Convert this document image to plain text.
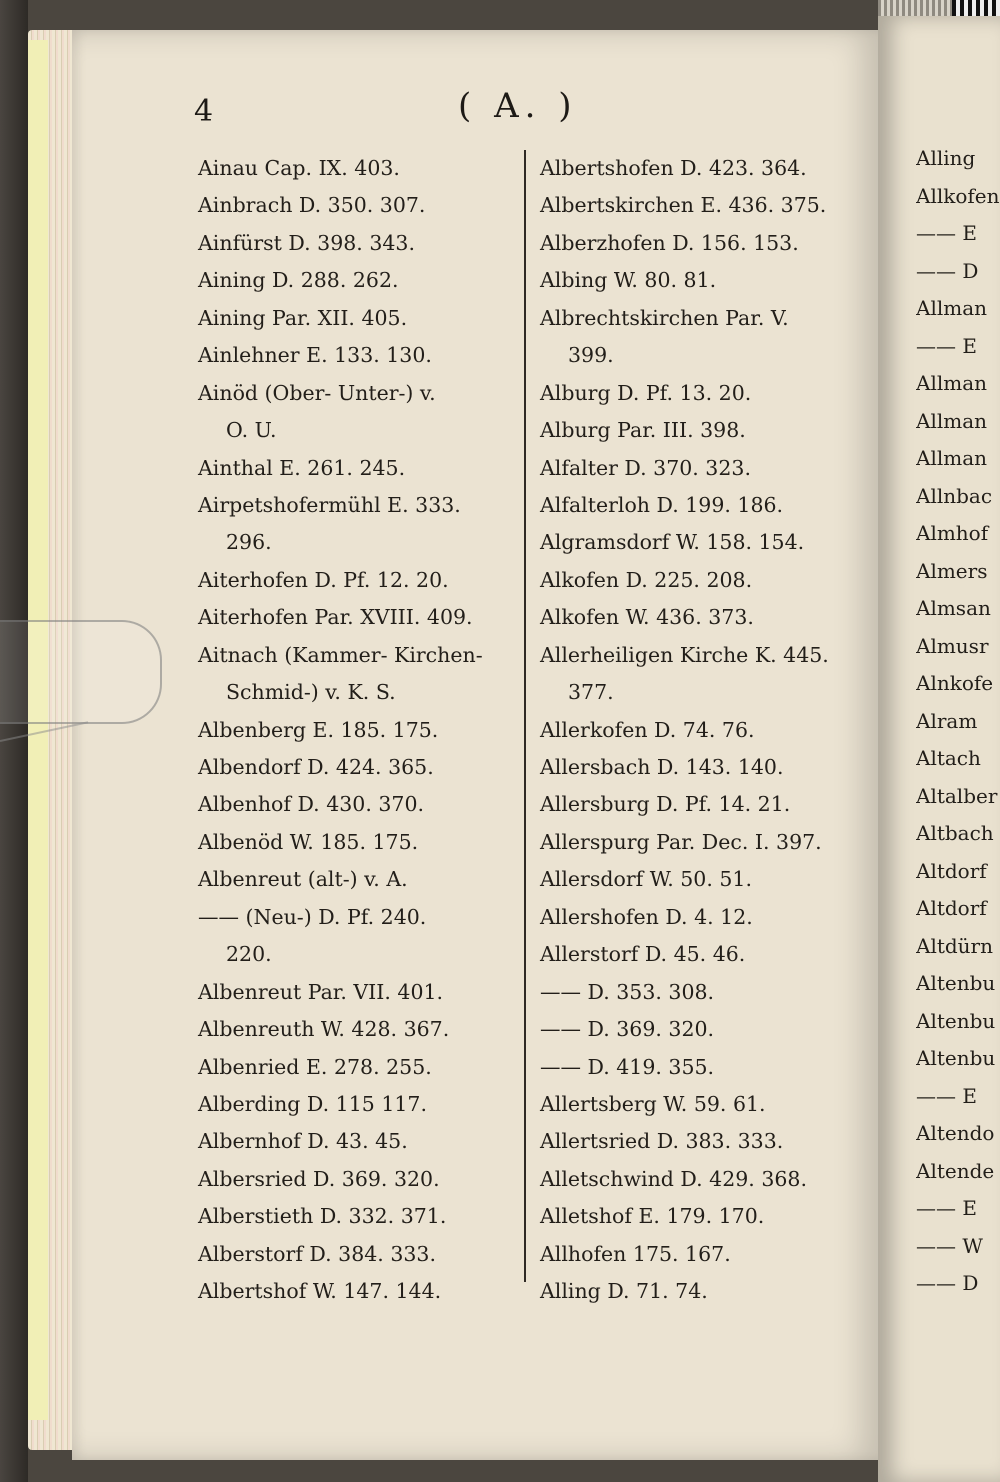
4	( A. )
Ainau Cap. IX. 403.
Ainbrach D. 350. 307.
Ainfürst D. 398. 343.
Aining D. 288. 262.
Aining Par. XII. 405.
Ainlehner E. 133. 130.
Ainöd (Ober- Unter-) v.
O. U.
Ainthal E. 261. 245.
Airpetshofermühl E. 333.
296.
Aiterhofen D. Pf. 12. 20.
Aiterhofen Par. XVIII. 409.
Aitnach (Kammer- Kirchen-
Schmid-) v. K. S.
Albenberg E. 185. 175.
Albendorf D. 424. 365.
Albenhof D. 430. 370.
Albenöd W. 185. 175.
Albenreut (alt-) v. A.
—— (Neu-) D. Pf. 240.
220.
Albenreut Par. VII. 401.
Albenreuth W. 428. 367.
Albenried E. 278. 255.
Alberding D. 115 117.
Albernhof D. 43. 45.
Albersried D. 369. 320.
Alberstieth D. 332. 371.
Alberstorf D. 384. 333.
Albertshof W. 147. 144.
Albertshofen D. 423. 364.
Albertskirchen E. 436. 375.
Alberzhofen D. 156. 153.
Albing W. 80. 81.
Albrechtskirchen Par. V.
399.
Alburg D. Pf. 13. 20.
Alburg Par. III. 398.
Alfalter D. 370. 323.
Alfalterloh D. 199. 186.
Algramsdorf W. 158. 154.
Alkofen D. 225. 208.
Alkofen W. 436. 373.
Allerheiligen Kirche K. 445.
377.
Allerkofen D. 74. 76.
Allersbach D. 143. 140.
Allersburg D. Pf. 14. 21.
Allerspurg Par. Dec. I. 397.
Allersdorf W. 50. 51.
Allershofen D. 4. 12.
Allerstorf D. 45. 46.
—— D. 353. 308.
—— D. 369. 320.
—— D. 419. 355.
Allertsberg W. 59. 61.
Allertsried D. 383. 333.
Alletschwind D. 429. 368.
Alletshof E. 179. 170.
Allhofen 175. 167.
Alling D. 71. 74.
Alling
Allkofen
—— E
—— D
Allman
—— E
Allman
Allman
Allman
Allnbac
Almhof
Almers
Almsan
Almusr
Alnkofe
Alram
Altach
Altalber
Altbach
Altdorf
Altdorf
Altdürn
Altenbu
Altenbu
Altenbu
—— E
Altendo
Altende
—— E
—— W
—— D
